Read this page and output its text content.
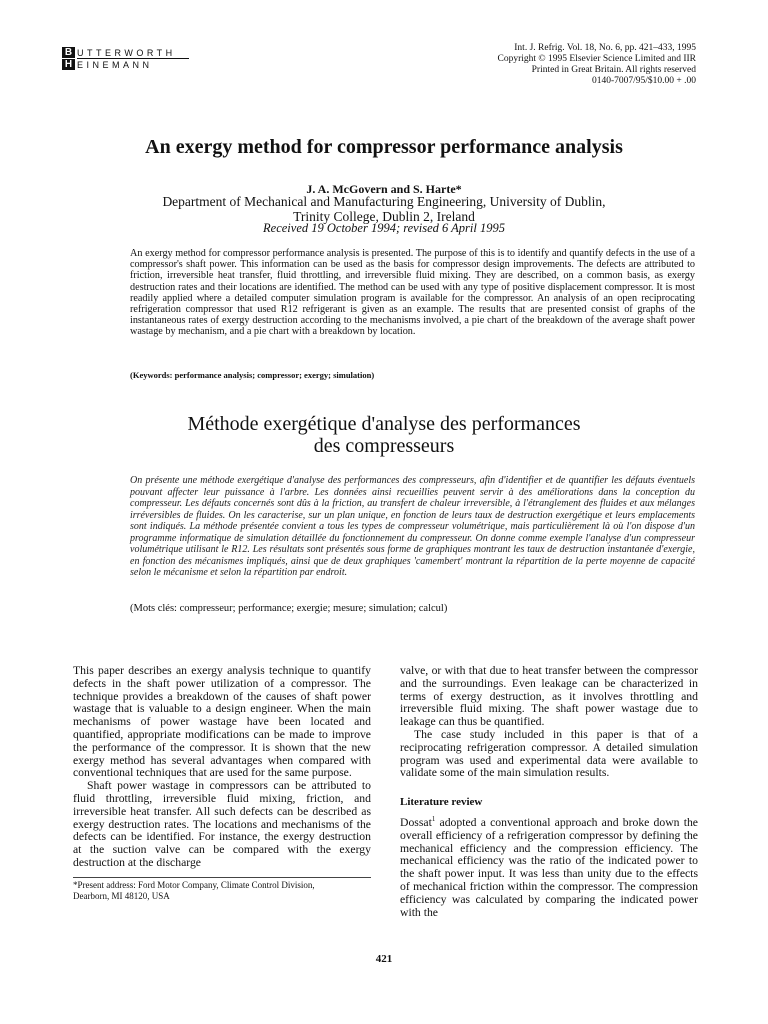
B
H
UTTERWORTH
EINEMANN
Int. J. Refrig. Vol. 18, No. 6, pp. 421–433, 1995
Copyright © 1995 Elsevier Science Limited and IIR
Printed in Great Britain. All rights reserved
0140-7007/95/$10.00 + .00
An exergy method for compressor performance analysis
J. A. McGovern and S. Harte*
Department of Mechanical and Manufacturing Engineering, University of Dublin,
Trinity College, Dublin 2, Ireland
Received 19 October 1994; revised 6 April 1995

An exergy method for compressor performance analysis is presented. The purpose of this is to identify and quantify defects in the use of a compressor's shaft power. This information can be used as the basis for compressor design improvements. The defects are attributed to friction, irreversible heat transfer, fluid throttling, and irreversible fluid mixing. They are described, on a common basis, as exergy destruction rates and their locations are identified. The method can be used with any type of positive displacement compressor. It is most readily applied where a detailed computer simulation program is available for the compressor. An analysis of an open reciprocating refrigeration compressor that used R12 refrigerant is given as an example. The results that are presented consist of graphs of the instantaneous rates of exergy destruction according to the mechanisms involved, a pie chart of the breakdown of the average shaft power wastage by mechanism, and a pie chart with a breakdown by location.

(Keywords: performance analysis; compressor; exergy; simulation)
Méthode exergétique d'analyse des performances
des compresseurs

On présente une méthode exergétique d'analyse des performances des compresseurs, afin d'identifier et de quantifier les défauts éventuels pouvant affecter leur puissance à l'arbre. Les données ainsi recueillies peuvent servir à des améliorations dans la conception du compresseur. Les défauts concernés sont dûs à la friction, au transfert de chaleur irreversible, à l'étranglement des fluides et aux mélanges irréversibles de fluides. On les caracterise, sur un plan unique, en fonction de leurs taux de destruction exergétique et leurs emplacements sont indiqués. La méthode présentée convient a tous les types de compresseur volumétrique, mais particulièrement là où l'on dispose d'un programme informatique de simulation détaillée du fonctionnement du compresseur. On donne comme exemple l'analyse d'un compresseur volumétrique utilisant le R12. Les résultats sont présentés sous forme de graphiques montrant les taux de destruction instantanée d'exergie, en fonction des mécanismes impliqués, ainsi que de deux graphiques 'camembert' montrant la répartition de la perte moyenne de capacité selon le mécanisme et selon la répartition par endroit.

(Mots clés: compresseur; performance; exergie; mesure; simulation; calcul)

This paper describes an exergy analysis technique to quantify defects in the shaft power utilization of a compressor. The technique provides a breakdown of the causes of shaft power wastage that is valuable to a design engineer. When the main mechanisms of power wastage have been located and quantified, appropriate modifications can be made to improve the performance of the compressor. It is shown that the new exergy method has several advantages when compared with conventional techniques that are used for the same purpose.

Shaft power wastage in compressors can be attributed to fluid throttling, irreversible fluid mixing, friction, and irreversible heat transfer. All such defects can be described as exergy destruction rates. The locations and mechanisms of the defects can be identified. For instance, the exergy destruction at the suction valve can be compared with the exergy destruction at the discharge

valve, or with that due to heat transfer between the compressor and the surroundings. Even leakage can be characterized in terms of exergy destruction, as it involves throttling and irreversible fluid mixing. The shaft power wastage due to leakage can thus be quantified.

The case study included in this paper is that of a reciprocating refrigeration compressor. A detailed simulation program was used and experimental data were available to validate some of the main simulation results.

Literature review

Dossat$^1$ adopted a conventional approach and broke down the overall efficiency of a refrigeration compressor by defining the mechanical efficiency and the compression efficiency. The mechanical efficiency was the ratio of the indicated power to the shaft power input. It was less than unity due to the effects of mechanical friction within the compressor. The compression efficiency was calculated by comparing the indicated power with the

*Present address: Ford Motor Company, Climate Control Division,
Dearborn, MI 48120, USA
421
